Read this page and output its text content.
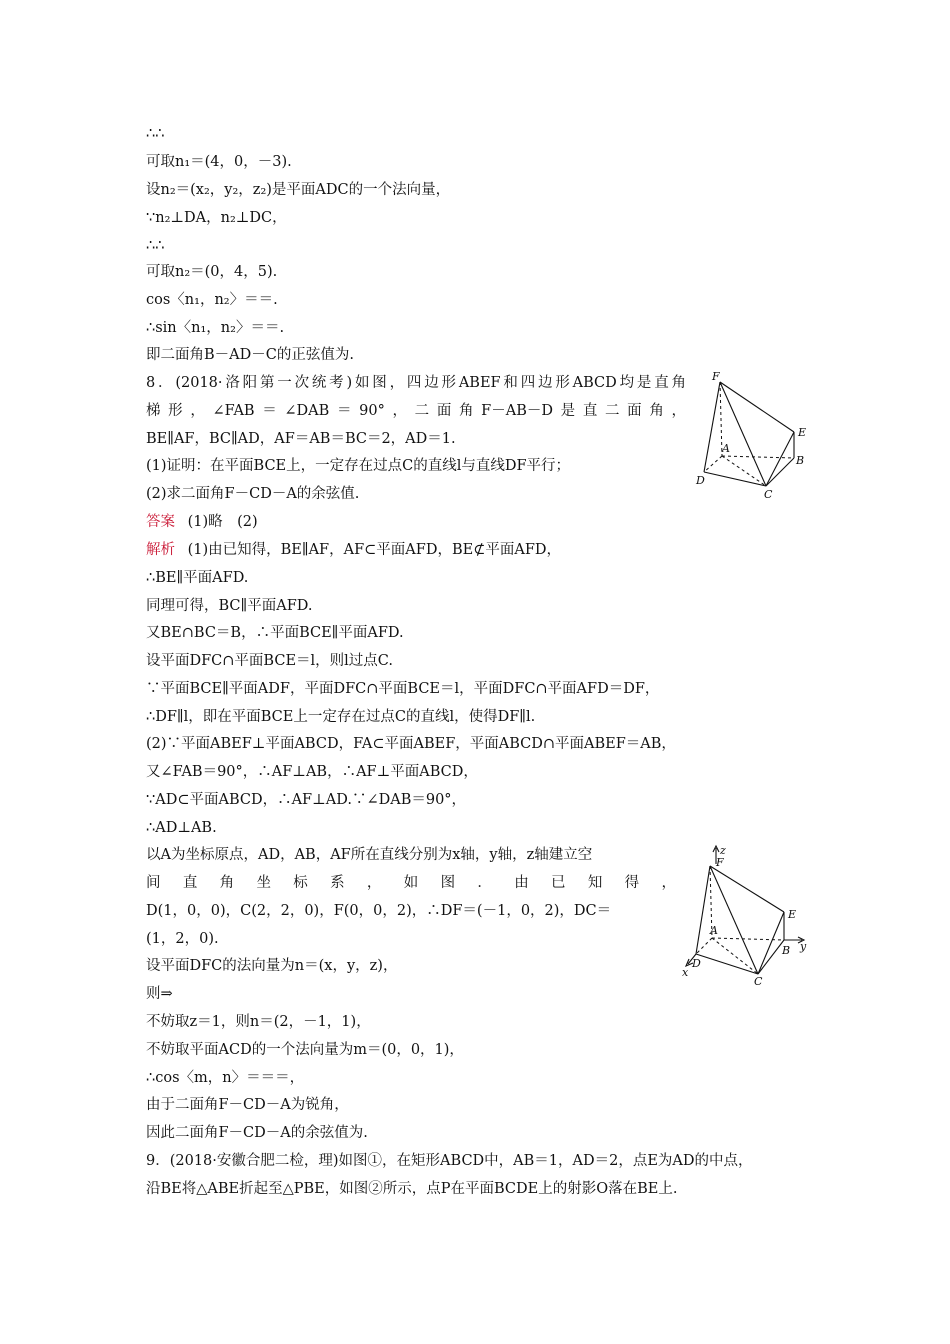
∴∴
可取n₁＝(4，0，－3).
设n₂＝(x₂，y₂，z₂)是平面ADC的一个法向量，
∵n₂⊥DA，n₂⊥DC，
∴∴
可取n₂＝(0，4，5).
cos〈n₁，n₂〉＝＝.
∴sin〈n₁，n₂〉＝＝.
即二面角B－AD－C的正弦值为.
8．(2018·洛阳第一次统考)如图，四边形ABEF和四边形ABCD均是直角
梯形，∠FAB＝∠DAB＝90°，二面角F－AB－D是直二面角，
BE∥AF，BC∥AD，AF＝AB＝BC＝2，AD＝1.
(1)证明：在平面BCE上，一定存在过点C的直线l与直线DF平行；
(2)求二面角F－CD－A的余弦值.
答案 (1)略　(2)
解析 (1)由已知得，BE∥AF，AF⊂平面AFD，BE⊄平面AFD，
∴BE∥平面AFD.
同理可得，BC∥平面AFD.
又BE∩BC＝B，∴平面BCE∥平面AFD.
设平面DFC∩平面BCE＝l，则l过点C.
∵平面BCE∥平面ADF，平面DFC∩平面BCE＝l，平面DFC∩平面AFD＝DF，
∴DF∥l，即在平面BCE上一定存在过点C的直线l，使得DF∥l.
(2)∵平面ABEF⊥平面ABCD，FA⊂平面ABEF，平面ABCD∩平面ABEF＝AB，
又∠FAB＝90°，∴AF⊥AB，∴AF⊥平面ABCD，
∵AD⊂平面ABCD，∴AF⊥AD.∵∠DAB＝90°，
∴AD⊥AB.
以A为坐标原点，AD，AB，AF所在直线分别为x轴，y轴，z轴建立空
间直角坐标系，如图．由已知得，
D(1，0，0)，C(2，2，0)，F(0，0，2)，∴DF＝(－1，0，2)，DC＝
(1，2，0).
设平面DFC的法向量为n＝(x，y，z)，
则⇒
不妨取z＝1，则n＝(2，－1，1)，
不妨取平面ACD的一个法向量为m＝(0，0，1)，
∴cos〈m，n〉＝＝＝，
由于二面角F－CD－A为锐角，
因此二面角F－CD－A的余弦值为.
9．(2018·安徽合肥二检，理)如图①，在矩形ABCD中，AB＝1，AD＝2，点E为AD的中点，
沿BE将△ABE折起至△PBE，如图②所示，点P在平面BCDE上的射影O落在BE上.
F
A
E
B
D
C
z
F
E
A
B y
D
x
C
